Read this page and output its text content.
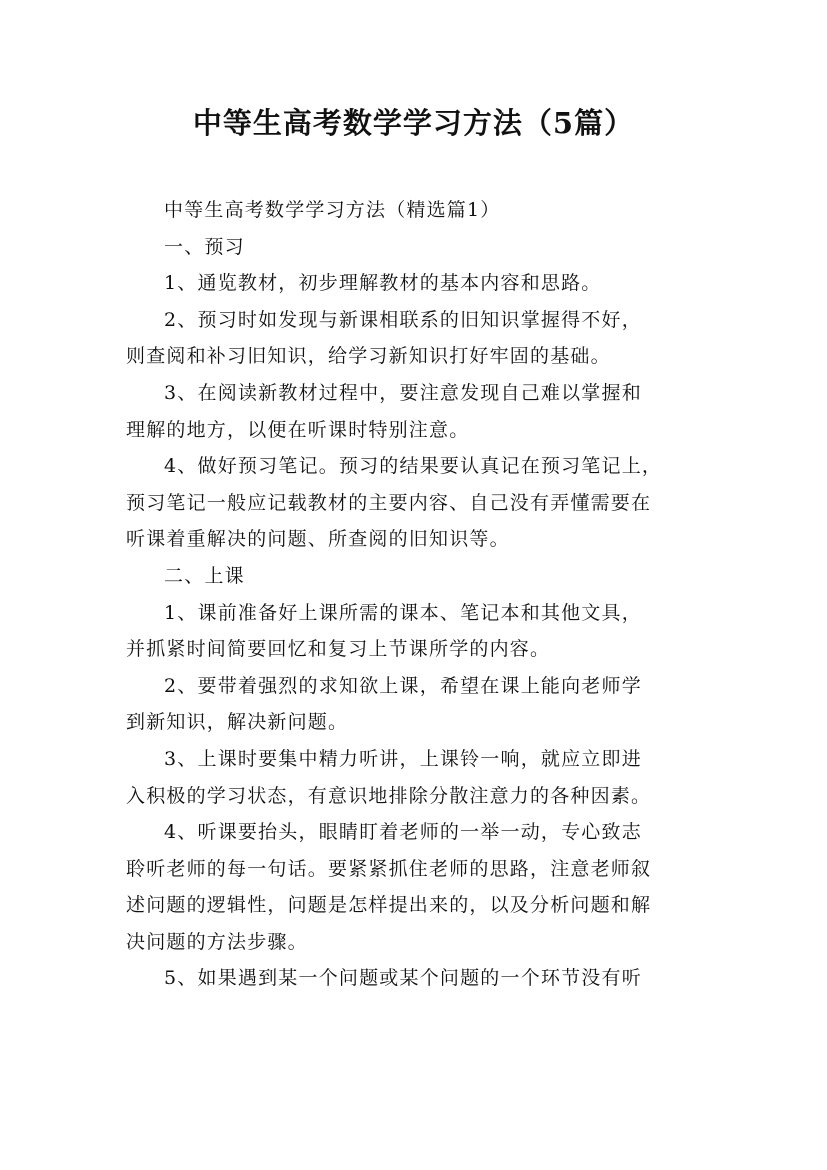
中等生高考数学学习方法（5篇）

中等生高考数学学习方法（精选篇1）

一、预习

1、通览教材，初步理解教材的基本内容和思路。

2、预习时如发现与新课相联系的旧知识掌握得不好，
则查阅和补习旧知识，给学习新知识打好牢固的基础。

3、在阅读新教材过程中，要注意发现自己难以掌握和
理解的地方，以便在听课时特别注意。

4、做好预习笔记。预习的结果要认真记在预习笔记上，
预习笔记一般应记载教材的主要内容、自己没有弄懂需要在
听课着重解决的问题、所查阅的旧知识等。

二、上课

1、课前准备好上课所需的课本、笔记本和其他文具，
并抓紧时间简要回忆和复习上节课所学的内容。

2、要带着强烈的求知欲上课，希望在课上能向老师学
到新知识，解决新问题。

3、上课时要集中精力听讲，上课铃一响，就应立即进
入积极的学习状态，有意识地排除分散注意力的各种因素。

4、听课要抬头，眼睛盯着老师的一举一动，专心致志
聆听老师的每一句话。要紧紧抓住老师的思路，注意老师叙
述问题的逻辑性，问题是怎样提出来的，以及分析问题和解
决问题的方法步骤。

5、如果遇到某一个问题或某个问题的一个环节没有听
